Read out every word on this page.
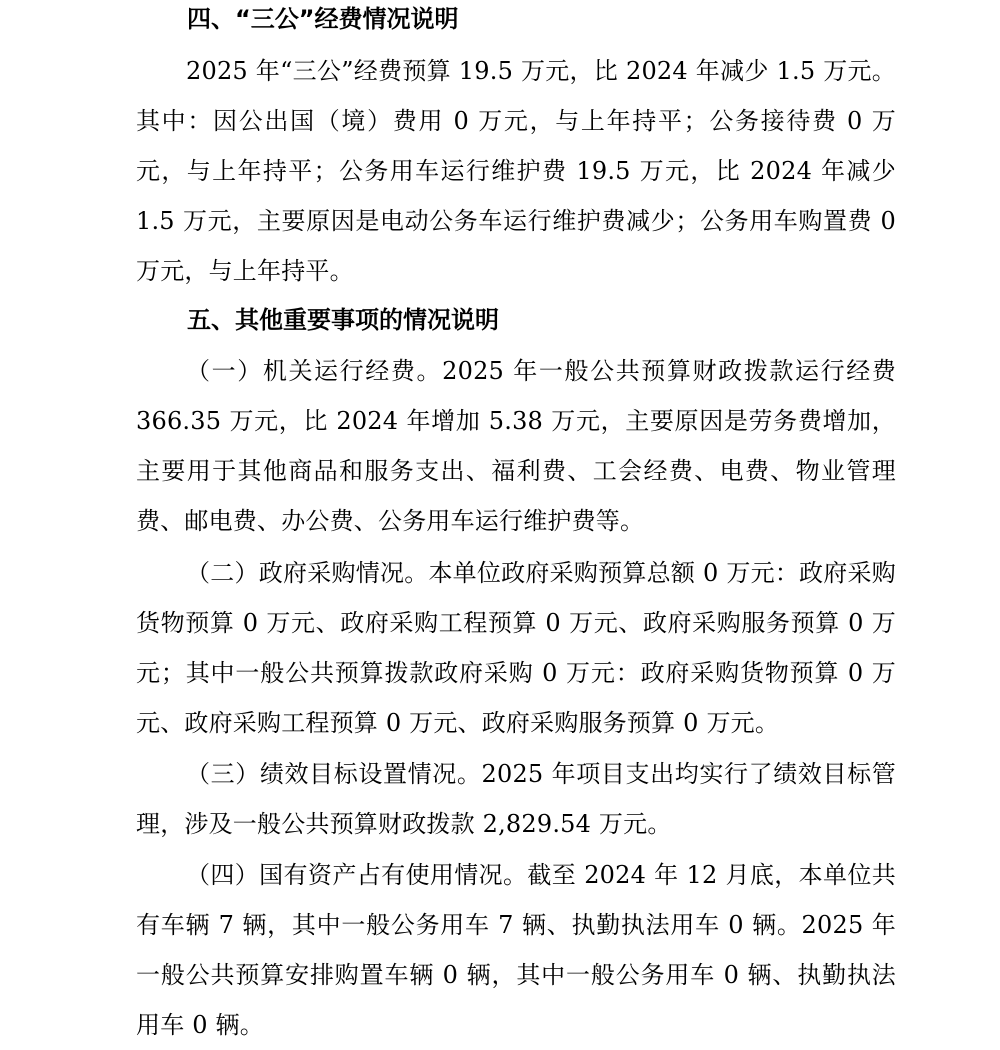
四、“三公”经费情况说明

2025 年“三公”经费预算 19.5 万元，比 2024 年减少 1.5 万元。其中：因公出国（境）费用 0 万元，与上年持平；公务接待费 0 万元，与上年持平；公务用车运行维护费 19.5 万元，比 2024 年减少 1.5 万元，主要原因是电动公务车运行维护费减少；公务用车购置费 0 万元，与上年持平。

五、其他重要事项的情况说明

（一）机关运行经费。2025 年一般公共预算财政拨款运行经费 366.35 万元，比 2024 年增加 5.38 万元，主要原因是劳务费增加，主要用于其他商品和服务支出、福利费、工会经费、电费、物业管理费、邮电费、办公费、公务用车运行维护费等。

（二）政府采购情况。本单位政府采购预算总额 0 万元：政府采购货物预算 0 万元、政府采购工程预算 0 万元、政府采购服务预算 0 万元；其中一般公共预算拨款政府采购 0 万元：政府采购货物预算 0 万元、政府采购工程预算 0 万元、政府采购服务预算 0 万元。

（三）绩效目标设置情况。2025 年项目支出均实行了绩效目标管理，涉及一般公共预算财政拨款 2,829.54 万元。

（四）国有资产占有使用情况。截至 2024 年 12 月底，本单位共有车辆 7 辆，其中一般公务用车 7 辆、执勤执法用车 0 辆。2025 年一般公共预算安排购置车辆 0 辆，其中一般公务用车 0 辆、执勤执法用车 0 辆。
